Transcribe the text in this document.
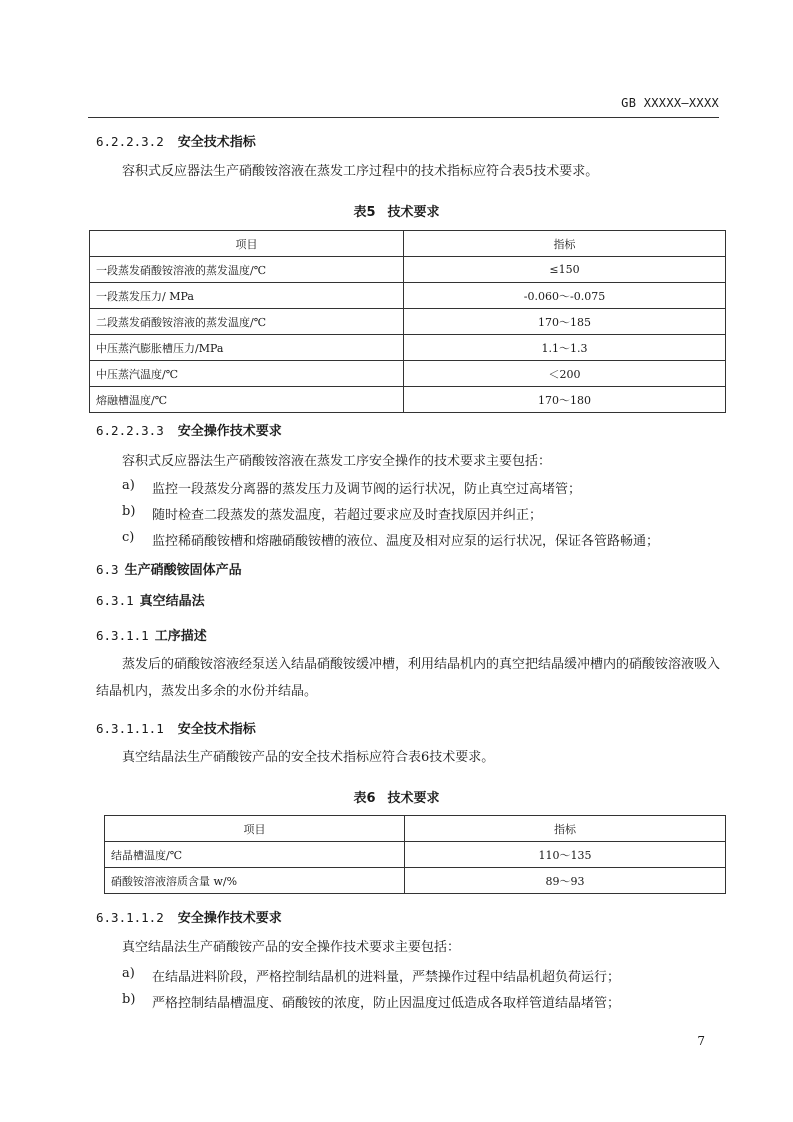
GB XXXXX—XXXX
6.2.2.3.2 安全技术指标
容积式反应器法生产硝酸铵溶液在蒸发工序过程中的技术指标应符合表5技术要求。
表5 技术要求
项目	指标
一段蒸发硝酸铵溶液的蒸发温度/℃	≤150
一段蒸发压力/ MPa	-0.060～-0.075
二段蒸发硝酸铵溶液的蒸发温度/℃	170～185
中压蒸汽膨胀槽压力/MPa	1.1～1.3
中压蒸汽温度/℃	＜200
熔融槽温度/℃	170～180
6.2.2.3.3 安全操作技术要求
容积式反应器法生产硝酸铵溶液在蒸发工序安全操作的技术要求主要包括：
a) 监控一段蒸发分离器的蒸发压力及调节阀的运行状况，防止真空过高堵管；
b) 随时检查二段蒸发的蒸发温度，若超过要求应及时查找原因并纠正；
c) 监控稀硝酸铵槽和熔融硝酸铵槽的液位、温度及相对应泵的运行状况，保证各管路畅通；
6.3 生产硝酸铵固体产品
6.3.1 真空结晶法
6.3.1.1 工序描述
蒸发后的硝酸铵溶液经泵送入结晶硝酸铵缓冲槽，利用结晶机内的真空把结晶缓冲槽内的硝酸铵溶液吸入结晶机内，蒸发出多余的水份并结晶。
6.3.1.1.1 安全技术指标
真空结晶法生产硝酸铵产品的安全技术指标应符合表6技术要求。
表6 技术要求
项目	指标
结晶槽温度/℃	110～135
硝酸铵溶液溶质含量 w/%	89～93
6.3.1.1.2 安全操作技术要求
真空结晶法生产硝酸铵产品的安全操作技术要求主要包括：
a) 在结晶进料阶段，严格控制结晶机的进料量，严禁操作过程中结晶机超负荷运行；
b) 严格控制结晶槽温度、硝酸铵的浓度，防止因温度过低造成各取样管道结晶堵管；
7
